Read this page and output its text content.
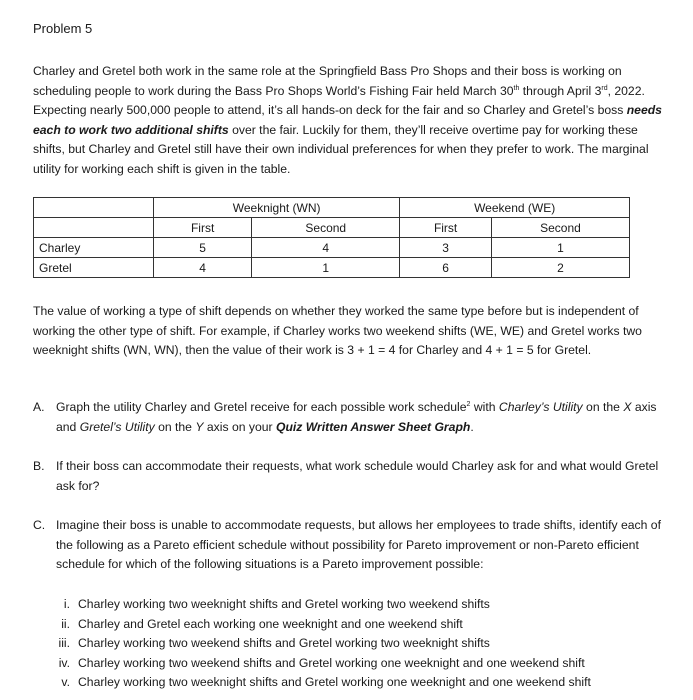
Problem 5
Charley and Gretel both work in the same role at the Springfield Bass Pro Shops and their boss is working on scheduling people to work during the Bass Pro Shops World’s Fishing Fair held March 30th through April 3rd, 2022. Expecting nearly 500,000 people to attend, it’s all hands-on deck for the fair and so Charley and Gretel’s boss needs each to work two additional shifts over the fair. Luckily for them, they’ll receive overtime pay for working these shifts, but Charley and Gretel still have their own individual preferences for when they prefer to work. The marginal utility for working each shift is given in the table.
	Weeknight (WN)		Weekend (WE)	
	First	Second	First	Second
Charley	5	4	3	1
Gretel	4	1	6	2
The value of working a type of shift depends on whether they worked the same type before but is independent of working the other type of shift. For example, if Charley works two weekend shifts (WE, WE) and Gretel works two weeknight shifts (WN, WN), then the value of their work is 3 + 1 = 4 for Charley and 4 + 1 = 5 for Gretel.
A. Graph the utility Charley and Gretel receive for each possible work schedule$^2$ with Charley’s Utility on the X axis and Gretel’s Utility on the Y axis on your Quiz Written Answer Sheet Graph.
B. If their boss can accommodate their requests, what work schedule would Charley ask for and what would Gretel ask for?
C. Imagine their boss is unable to accommodate requests, but allows her employees to trade shifts, identify each of the following as a Pareto efficient schedule without possibility for Pareto improvement or non-Pareto efficient schedule for which of the following situations is a Pareto improvement possible:
i. Charley working two weeknight shifts and Gretel working two weekend shifts
ii. Charley and Gretel each working one weeknight and one weekend shift
iii. Charley working two weekend shifts and Gretel working two weeknight shifts
iv. Charley working two weekend shifts and Gretel working one weeknight and one weekend shift
v. Charley working two weeknight shifts and Gretel working one weeknight and one weekend shift
